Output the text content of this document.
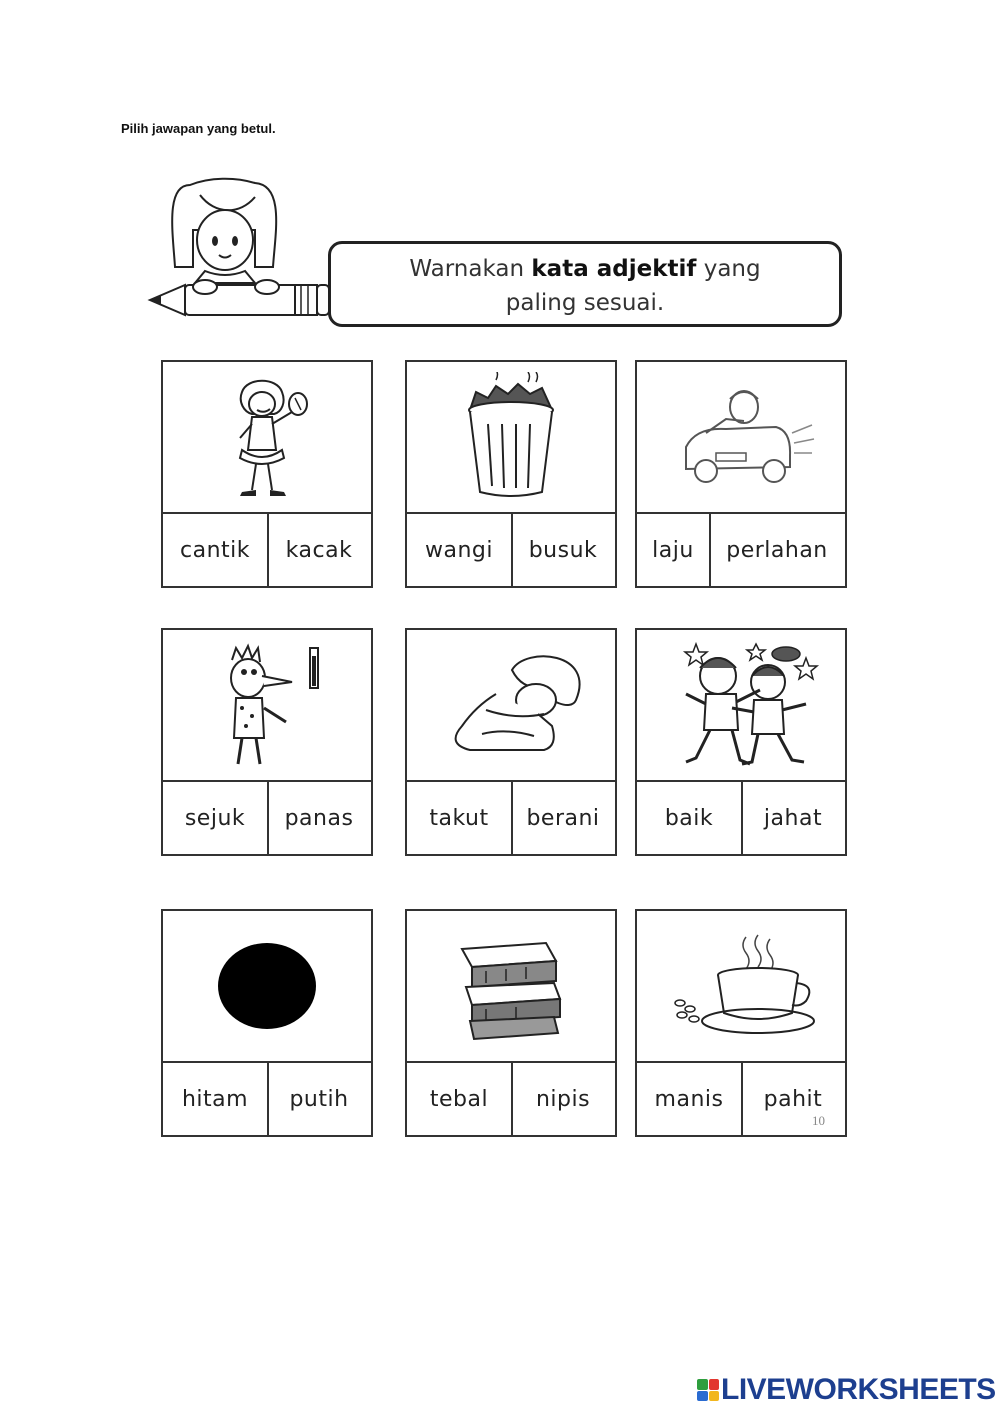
Pilih jawapan yang betul.
Warnakan kata adjektif yang
paling sesuai.
cantik	kacak	wangi	busuk	laju	perlahan
sejuk	panas	takut	berani	baik	jahat
hitam	putih	tebal	nipis	manis	pahit
10
LIVEWORKSHEETS
